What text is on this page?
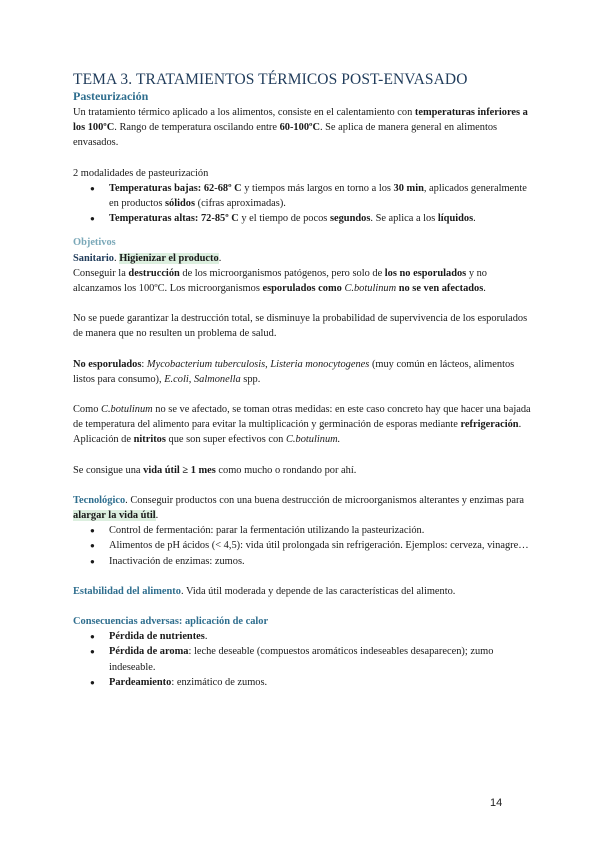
TEMA 3. TRATAMIENTOS TÉRMICOS POST-ENVASADO
Pasteurización

Un tratamiento térmico aplicado a los alimentos, consiste en el calentamiento con temperaturas inferiores a los 100ºC. Rango de temperatura oscilando entre 60-100ºC. Se aplica de manera general en alimentos envasados.

2 modalidades de pasteurización

● Temperaturas bajas: 62-68º C y tiempos más largos en torno a los 30 min, aplicados generalmente en productos sólidos (cifras aproximadas).
● Temperaturas altas: 72-85º C y el tiempo de pocos segundos. Se aplica a los líquidos.

Objetivos

Sanitario. Higienizar el producto.

Conseguir la destrucción de los microorganismos patógenos, pero solo de los no esporulados y no alcanzamos los 100ºC. Los microorganismos esporulados como C.botulinum no se ven afectados.

No se puede garantizar la destrucción total, se disminuye la probabilidad de supervivencia de los esporulados de manera que no resulten un problema de salud.

No esporulados: Mycobacterium tuberculosis, Listeria monocytogenes (muy común en lácteos, alimentos listos para consumo), E.coli, Salmonella spp.

Como C.botulinum no se ve afectado, se toman otras medidas: en este caso concreto hay que hacer una bajada de temperatura del alimento para evitar la multiplicación y germinación de esporas mediante refrigeración. Aplicación de nitritos que son super efectivos con C.botulinum.

Se consigue una vida útil ≥ 1 mes como mucho o rondando por ahí.

Tecnológico. Conseguir productos con una buena destrucción de microorganismos alterantes y enzimas para alargar la vida útil.

● Control de fermentación: parar la fermentación utilizando la pasteurización.
● Alimentos de pH ácidos (< 4,5): vida útil prolongada sin refrigeración. Ejemplos: cerveza, vinagre…
● Inactivación de enzimas: zumos.

Estabilidad del alimento. Vida útil moderada y depende de las características del alimento.

Consecuencias adversas: aplicación de calor

● Pérdida de nutrientes.
● Pérdida de aroma: leche deseable (compuestos aromáticos indeseables desaparecen); zumo indeseable.
● Pardeamiento: enzimático de zumos.
14
